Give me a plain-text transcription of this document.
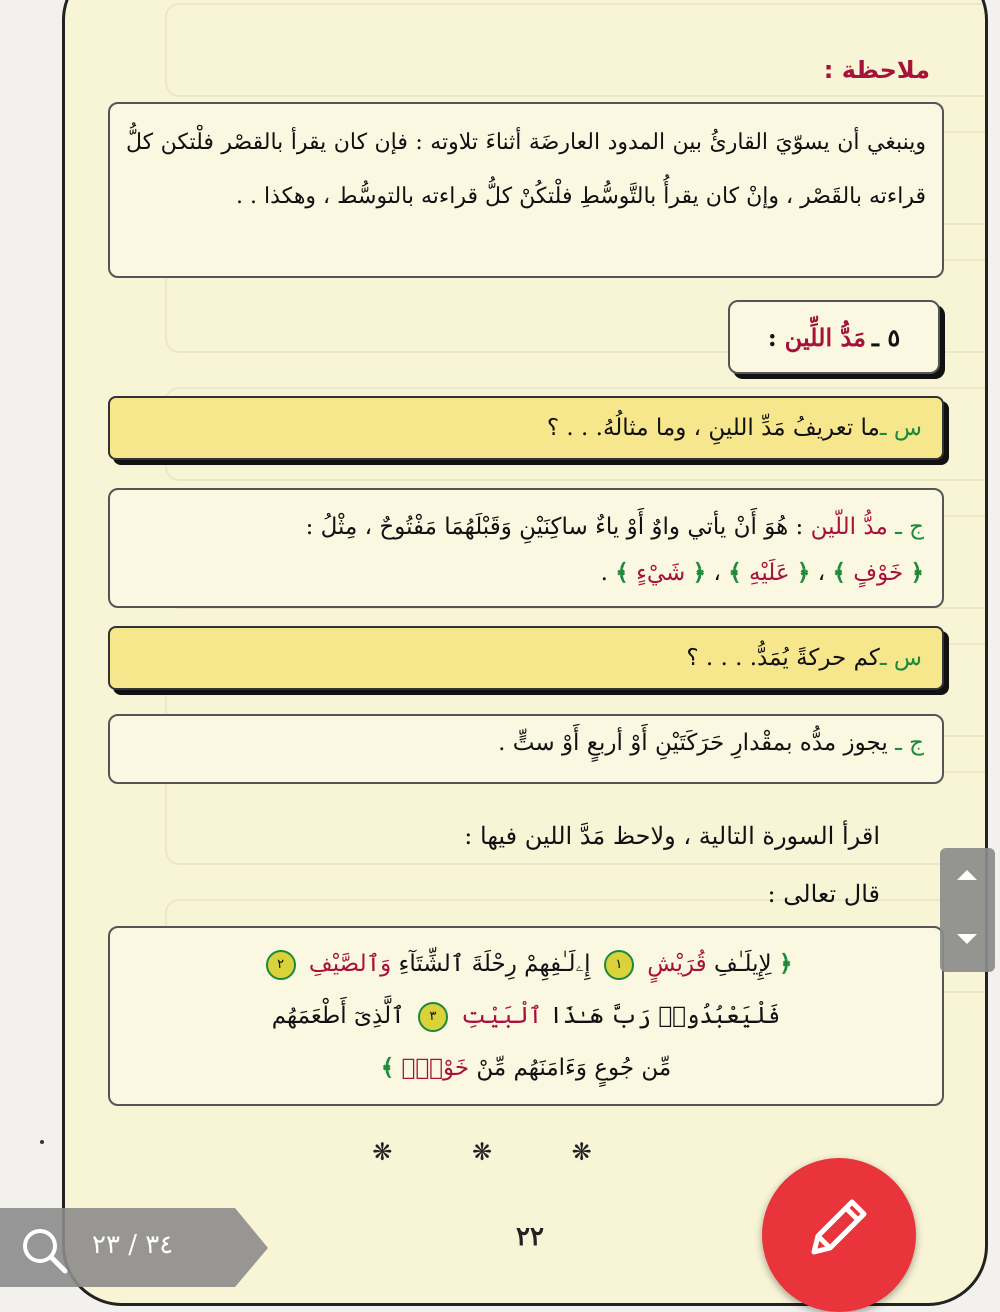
ملاحظة :
وينبغي أن يسوّيَ القارئُ بين المدود العارضَة أثناءَ تلاوته : فإن كان يقرأ بالقصْر فلْتكن كلُّ قراءته بالقَصْر ، وإنْ كان يقرأُ بالتَّوسُّطِ فلْتكُنْ كلُّ قراءته بالتوسُّط ، وهكذا . .
٥ ـ
مَدُّ اللِّين
:
س ـ
ما تعريفُ مَدِّ اللينِ ، وما مثالُهُ. . . ؟
ج ـ مدُّ اللّين : هُوَ أَنْ يأتي واوٌ أَوْ ياءٌ ساكِنَيْنِ وَقَبْلَهُمَا مَفْتُوحٌ ، مِثْلُ :
﴿ خَوْفٍ ﴾ ، ﴿ عَلَيْهِ ﴾ ، ﴿ شَيْءٍ ﴾ .
س ـ
كم حركةً يُمَدُّ. . . . ؟
ج ـ يجوز مدُّه بمقْدارِ حَرَكَتَيْنِ أَوْ أربعٍ أَوْ ستٍّ .
اقرأ السورة التالية ، ولاحظ مَدَّ اللين فيها :
قال تعالى :
﴿ لِإِيلَـٰفِ قُرَيْشٍ ١ إِۦلَـٰفِهِمْ رِحْلَةَ ٱلشِّتَآءِ وَٱلصَّيْفِ ٢
فَلْيَعْبُدُوا۟ رَبَّ هَـٰذَا ٱلْبَيْتِ ٣ ٱلَّذِىٓ أَطْعَمَهُم
مِّن جُوعٍ وَءَامَنَهُم مِّنْ خَوْفٍۭ ﴾
❋ ❋ ❋
٢٢
٣٤ / ٢٣
